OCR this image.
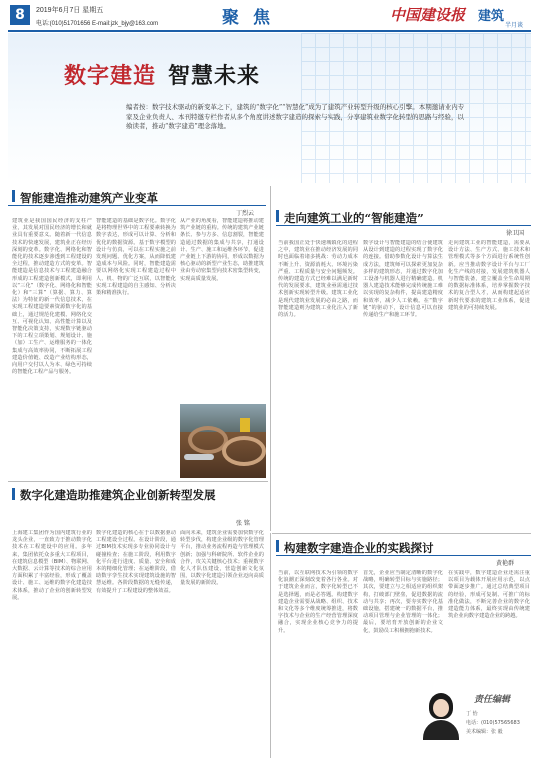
8	2019年6月7日 星期五
电话:(010)51701656 E-mail:jzk_bjy@163.com	聚焦	中国建设报 建筑
半月谈
数字建造 智慧未来
编者按：数字技术驱动的新变革之下，建筑的“数字化”“智慧化”成为了建筑产业转型升级的核心引擎。本期邀请业内专家及企业负责人、本刊特邀专栏作者从多个角度讲述数字建造的探索与实践，分享建筑业数字化转型的思路与经验，以飨读者，推动“数字建造”理念落地。
智能建造推动建筑产业变革
丁烈云
建筑业是我国国民经济的支柱产业，其发展对国民经济的增长和就业具有重要意义。随着新一代信息技术的快速发展，建筑业正在经历深刻的变革。数字化、网络化和智能化的技术逐步渗透到工程建设的全过程，推动建造方式的变革。智能建造是信息技术与工程建造融合形成的工程建造创新模式，即利用以“三化”（数字化、网络化和智能化）和“三算”（算据、算力、算法）为特征的新一代信息技术，在实现工程建造要素资源数字化的基础上，通过规范化建模、网络化交互、可视化认知、高性能计算以及智能化决策支持，实现数字链驱动下的工程立项策划、规划设计、施（加）工生产、运维服务的一体化集成与高效率协同，不断拓展工程建造价值链、改造产业结构形态，向用户交付以人为本、绿色可持续的智能化工程产品与服务。
智能建造的基础是数字化。数字化是将物理世界中的工程要素转换为数字表达，形成可以计算、分析和优化的数据资源。基于数字模型的设计与仿真，可以在工程实施之前发现问题、优化方案，从而降低建造成本与风险。同时，智能建造需要以网络化实现工程建造过程中人、机、物的广泛互联，以智能化实现工程建造的自主感知、分析决策和精准执行。
从产业的角度看，智能建造将推动建筑产业链的重构。传统的建筑产业链条长、参与方多、信息割裂，智能建造通过数据的集成与共享，打通设计、生产、施工和运维各环节，促进产业链上下游的协同，形成以数据为核心驱动的新型产业生态，助推建筑业由劳动密集型向技术密集型转变，实现高质量发展。
走向建筑工业的“智能建造”
徐卫国
当前我国正处于快速城镇化的进程之中，建筑业在推动经济发展的同时也面临着诸多挑战：劳动力成本不断上升、资源消耗大、环境污染严重、工程质量与安全问题频发。传统的建造方式已经难以满足新时代的发展要求，建筑业亟需通过技术创新实现转型升级。建筑工业化是现代建筑业发展的必由之路，而智能建造则为建筑工业化注入了新的活力。
数字设计与智能建造的结合使建筑从设计到建造的过程实现了数字化的连接。借助参数化设计与算法生成方法，建筑师可以探索更加复杂多样的建筑形态，并通过数字化加工设备与机器人进行精确建造。机器人建造技术能够完成传统施工难以实现的复杂构件，提高建造精度和效率，减少人工依赖。在“数字链”的驱动下，设计信息可以直接传递给生产和施工环节。
走向建筑工业的智能建造，需要从设计方法、生产方式、施工技术和管理模式等多个方面进行系统性创新。应当推动数字设计平台与工厂化生产线的对接，发展建筑机器人与智能装备，建立覆盖全生命周期的数据标准体系，培养掌握数字技术的复合型人才，从而构建起适应新时代要求的建筑工业体系，促进建筑业的可持续发展。
数字化建造助推建筑企业创新转型发展
张 铭
上海建工集团作为国内建筑行业的龙头企业，一直致力于推动数字化技术在工程建设中的应用。多年来，集团依托众多重大工程项目，在建筑信息模型（BIM）、物联网、大数据、云计算等技术的综合应用方面积累了丰富经验，形成了覆盖设计、施工、运维的数字化建造技术体系，推动了企业的创新转型发展。
数字化建造的核心在于以数据驱动工程建设全过程。在设计阶段，通过BIM技术实现多专业协同设计与碰撞检查；在施工阶段，利用数字化平台进行进度、质量、安全和成本的精细化管理；在运维阶段，借助数字孪生技术实现建筑设施的智慧运维。各阶段数据的无缝传递，有效提升了工程建设的整体效益。
面向未来，建筑企业需要加快数字化转型步伐，构建企业级的数字化管理平台，推动业务流程再造与管理模式创新；加强与科研院所、软件企业的合作，攻关关键核心技术；重视数字化人才队伍建设，营造创新文化氛围，以数字化建造引领企业迈向高质量发展的新阶段。
构建数字建造企业的实践探讨
黄艳群
当前，以互联网技术为引领的数字化浪潮正深刻改变着各行各业。对于建筑企业而言，数字化转型已不是选择题，而是必答题。构建数字建造企业需要从战略、组织、技术和文化等多个维度统筹推进，将数字技术与企业的生产经营管理深度融合，实现企业核心竞争力的提升。
首先，企业应当制定清晰的数字化战略，明确转型目标与实施路径；其次，要建立与之相适应的组织架构，打破部门壁垒，促进数据的流动与共享；再次，要夯实数字化基础设施，搭建统一的数据平台，推动项目管理与企业管理的一体化；最后，要培育开放创新的企业文化，鼓励员工积极拥抱新技术。
在实践中，数字建造企业还需注重以项目为载体开展应用示范，以点带面逐步推广。通过总结典型项目的经验，形成可复制、可推广的标准化做法，不断完善企业的数字化建造能力体系，最终实现由传统建筑企业向数字建造企业的跨越。
责任编辑
丁 怡
电话：(010)57565683
美术编辑：张 毅
